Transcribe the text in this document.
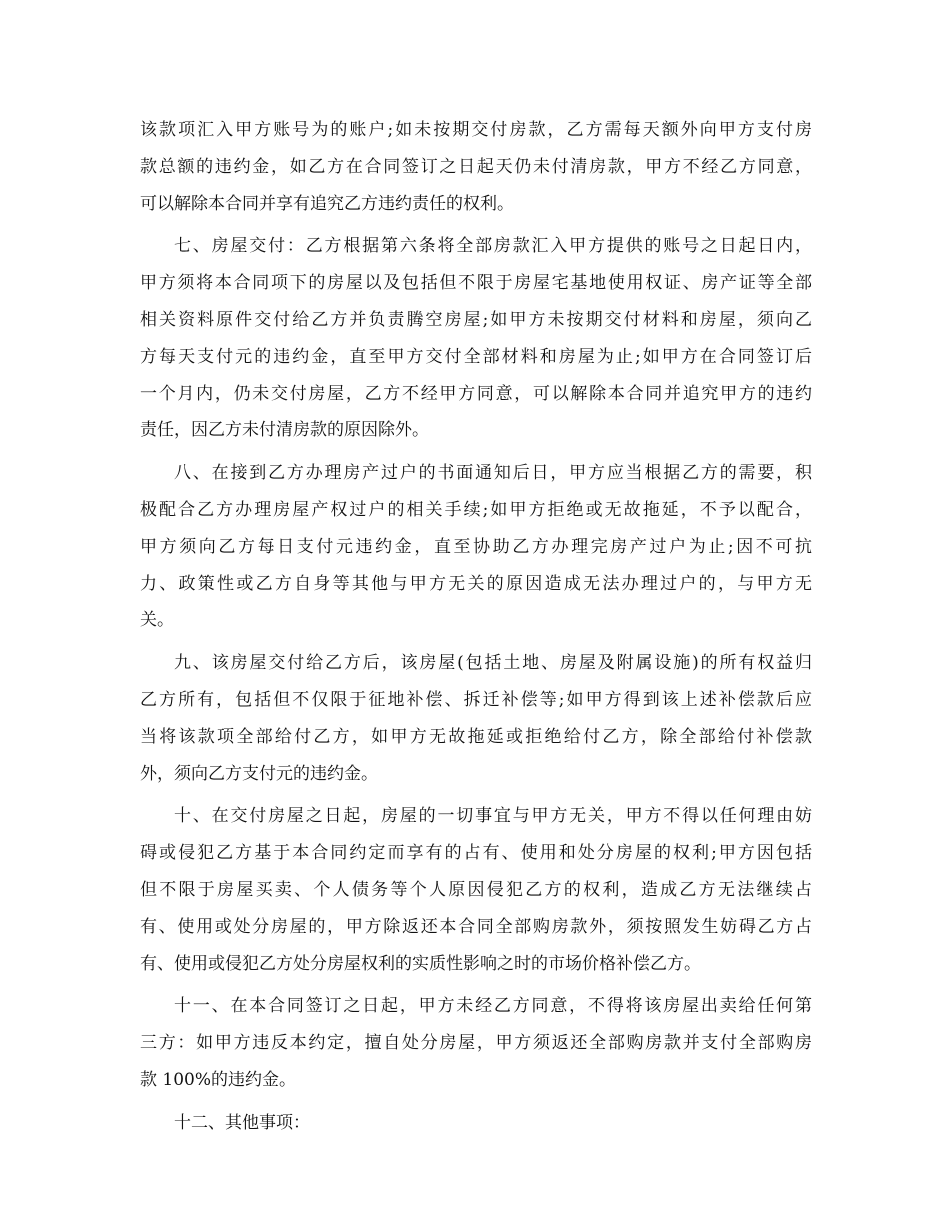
该款项汇入甲方账号为的账户;如未按期交付房款，乙方需每天额外向甲方支付房
款总额的违约金，如乙方在合同签订之日起天仍未付清房款，甲方不经乙方同意，
可以解除本合同并享有追究乙方违约责任的权利。
七、房屋交付：乙方根据第六条将全部房款汇入甲方提供的账号之日起日内，
甲方须将本合同项下的房屋以及包括但不限于房屋宅基地使用权证、房产证等全部
相关资料原件交付给乙方并负责腾空房屋;如甲方未按期交付材料和房屋，须向乙
方每天支付元的违约金，直至甲方交付全部材料和房屋为止;如甲方在合同签订后
一个月内，仍未交付房屋，乙方不经甲方同意，可以解除本合同并追究甲方的违约
责任，因乙方未付清房款的原因除外。
八、在接到乙方办理房产过户的书面通知后日，甲方应当根据乙方的需要，积
极配合乙方办理房屋产权过户的相关手续;如甲方拒绝或无故拖延，不予以配合，
甲方须向乙方每日支付元违约金，直至协助乙方办理完房产过户为止;因不可抗
力、政策性或乙方自身等其他与甲方无关的原因造成无法办理过户的，与甲方无
关。
九、该房屋交付给乙方后，该房屋(包括土地、房屋及附属设施)的所有权益归
乙方所有，包括但不仅限于征地补偿、拆迁补偿等;如甲方得到该上述补偿款后应
当将该款项全部给付乙方，如甲方无故拖延或拒绝给付乙方，除全部给付补偿款
外，须向乙方支付元的违约金。
十、在交付房屋之日起，房屋的一切事宜与甲方无关，甲方不得以任何理由妨
碍或侵犯乙方基于本合同约定而享有的占有、使用和处分房屋的权利;甲方因包括
但不限于房屋买卖、个人债务等个人原因侵犯乙方的权利，造成乙方无法继续占
有、使用或处分房屋的，甲方除返还本合同全部购房款外，须按照发生妨碍乙方占
有、使用或侵犯乙方处分房屋权利的实质性影响之时的市场价格补偿乙方。
十一、在本合同签订之日起，甲方未经乙方同意，不得将该房屋出卖给任何第
三方：如甲方违反本约定，擅自处分房屋，甲方须返还全部购房款并支付全部购房
款 100%的违约金。
十二、其他事项：
